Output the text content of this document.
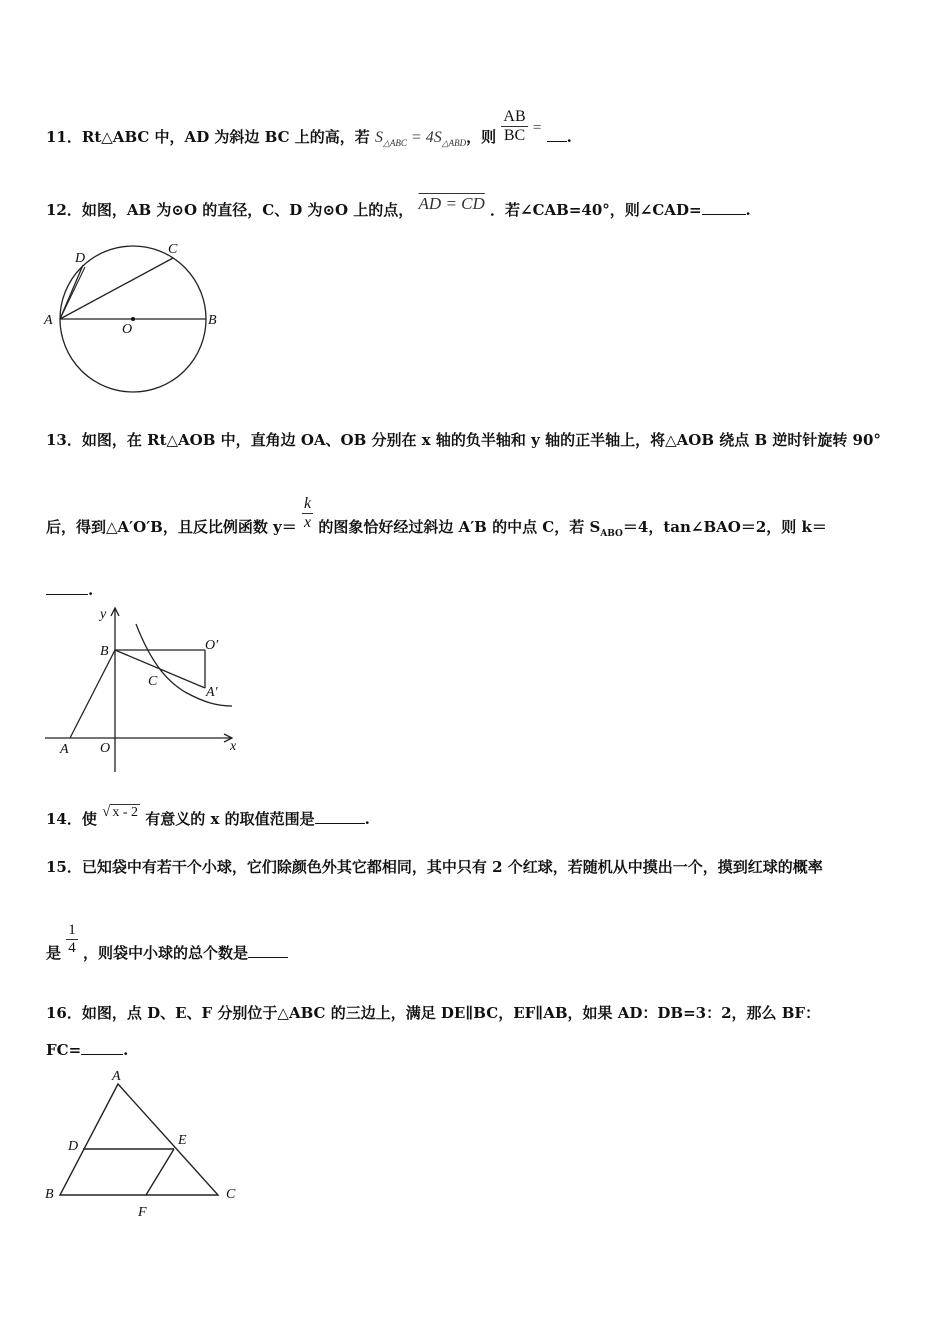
11．Rt△ABC 中，AD 为斜边 BC 上的高，若 $S_{\triangle ABC} = 4S_{\triangle ABD}$，则 $\frac{AB}{BC}$ = .
12．如图，AB 为⊙O 的直径，C、D 为⊙O 上的点， AD = CD ．若∠CAB=40°，则∠CAD=	.
A	B
C
D
O
13．如图，在 Rt△AOB 中，直角边 OA、OB 分别在 x 轴的负半轴和 y 轴的正半轴上，将△AOB 绕点 B 逆时针旋转 90°
后，得到△A′O′B，且反比例函数 $y= \frac{k}{x}$ 的图象恰好经过斜边 A′B 的中点 C，若 $S_{ABO}=4$，tan∠BAO＝2，则 k＝
.
y
x
B	O′
C
A′
A O
14．使 √ x - 2 有意义的 x 的取值范围是	.
15．已知袋中有若干个小球，它们除颜色外其它都相同，其中只有 2 个红球，若随机从中摸出一个，摸到红球的概率
是 $\frac{1}{4}$ ，则袋中小球的总个数是
16．如图，点 D、E、F 分别位于△ABC 的三边上，满足 DE∥BC，EF∥AB，如果 AD：DB=3：2，那么 BF：
FC=	.
A
D	E
B	C
F
